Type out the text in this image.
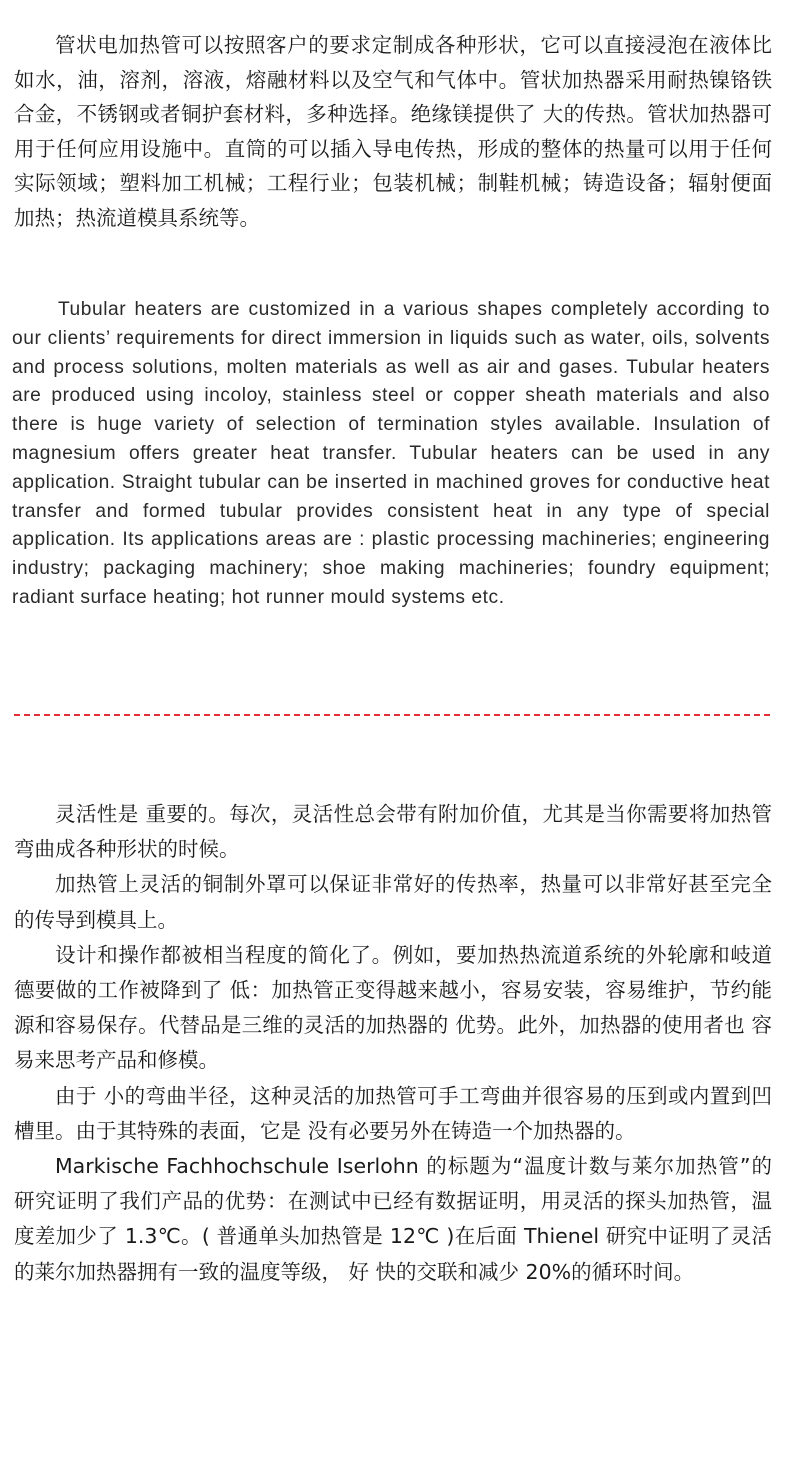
管状电加热管可以按照客户的要求定制成各种形状，它可以直接浸泡在液体比如水，油，溶剂，溶液，熔融材料以及空气和气体中。管状加热器采用耐热镍铬铁合金，不锈钢或者铜护套材料，多种选择。绝缘镁提供了 大的传热。管状加热器可用于任何应用设施中。直筒的可以插入导电传热，形成的整体的热量可以用于任何实际领域；塑料加工机械；工程行业；包装机械；制鞋机械；铸造设备；辐射便面加热；热流道模具系统等。

Tubular heaters are customized in a various shapes completely according to our clients’ requirements for direct immersion in liquids such as water, oils, solvents and process solutions, molten materials as well as air and gases. Tubular heaters are produced using incoloy, stainless steel or copper sheath materials and also there is huge variety of selection of termination styles available. Insulation of magnesium offers greater heat transfer. Tubular heaters can be used in any application. Straight tubular can be inserted in machined groves for conductive heat transfer and formed tubular provides consistent heat in any type of special application. Its applications areas are : plastic processing machineries; engineering industry; packaging machinery; shoe making machineries; foundry equipment; radiant surface heating; hot runner mould systems etc.

灵活性是 重要的。每次，灵活性总会带有附加价值，尤其是当你需要将加热管弯曲成各种形状的时候。

加热管上灵活的铜制外罩可以保证非常好的传热率，热量可以非常好甚至完全的传导到模具上。

设计和操作都被相当程度的简化了。例如，要加热热流道系统的外轮廓和岐道德要做的工作被降到了 低：加热管正变得越来越小，容易安装，容易维护，节约能源和容易保存。代替品是三维的灵活的加热器的 优势。此外，加热器的使用者也 容易来思考产品和修模。

由于 小的弯曲半径，这种灵活的加热管可手工弯曲并很容易的压到或内置到凹槽里。由于其特殊的表面，它是 没有必要另外在铸造一个加热器的。

Markische Fachhochschule Iserlohn 的标题为“温度计数与莱尔加热管”的研究证明了我们产品的优势：在测试中已经有数据证明，用灵活的探头加热管，温度差加少了 1.3℃。( 普通单头加热管是 12℃ )在后面 Thienel 研究中证明了灵活的莱尔加热器拥有一致的温度等级， 好 快的交联和减少 20%的循环时间。
